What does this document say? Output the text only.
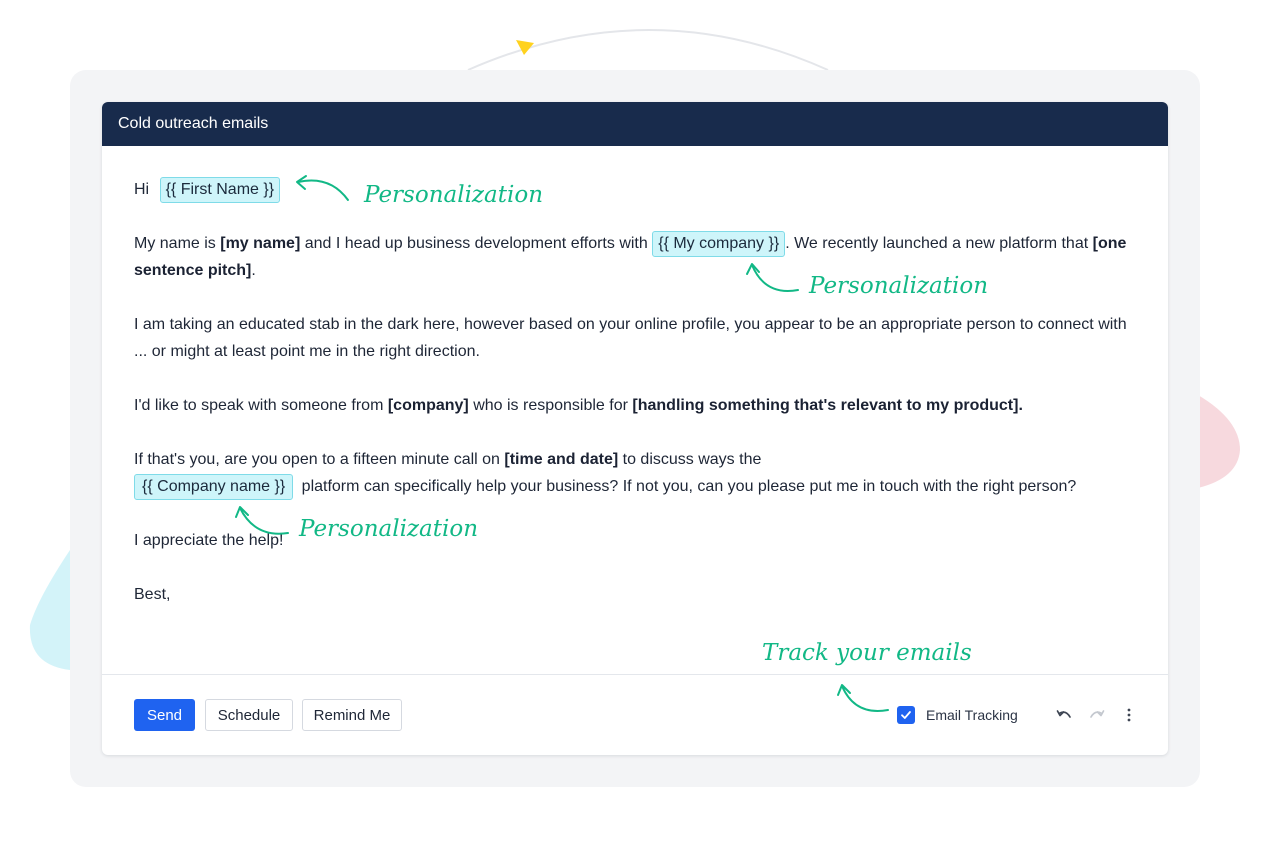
Cold outreach emails

Hi {{ First Name }}

My name is [my name] and I head up business development efforts with {{ My company }} . We recently launched a new platform that [one sentence pitch].

I am taking an educated stab in the dark here, however based on your online profile, you appear to be an appropriate person to connect with ... or might at least point me in the right direction.

I'd like to speak with someone from [company] who is responsible for [handling something that's relevant to my product].

If that's you, are you open to a fifteen minute call on [time and date] to discuss ways the
{{ Company name }} platform can specifically help your business? If not you, can you please put me in touch with the right person?

I appreciate the help!

Best,

Send	Schedule	Remind Me	Email Tracking
Personalization
Personalization
Personalization
Track your emails
